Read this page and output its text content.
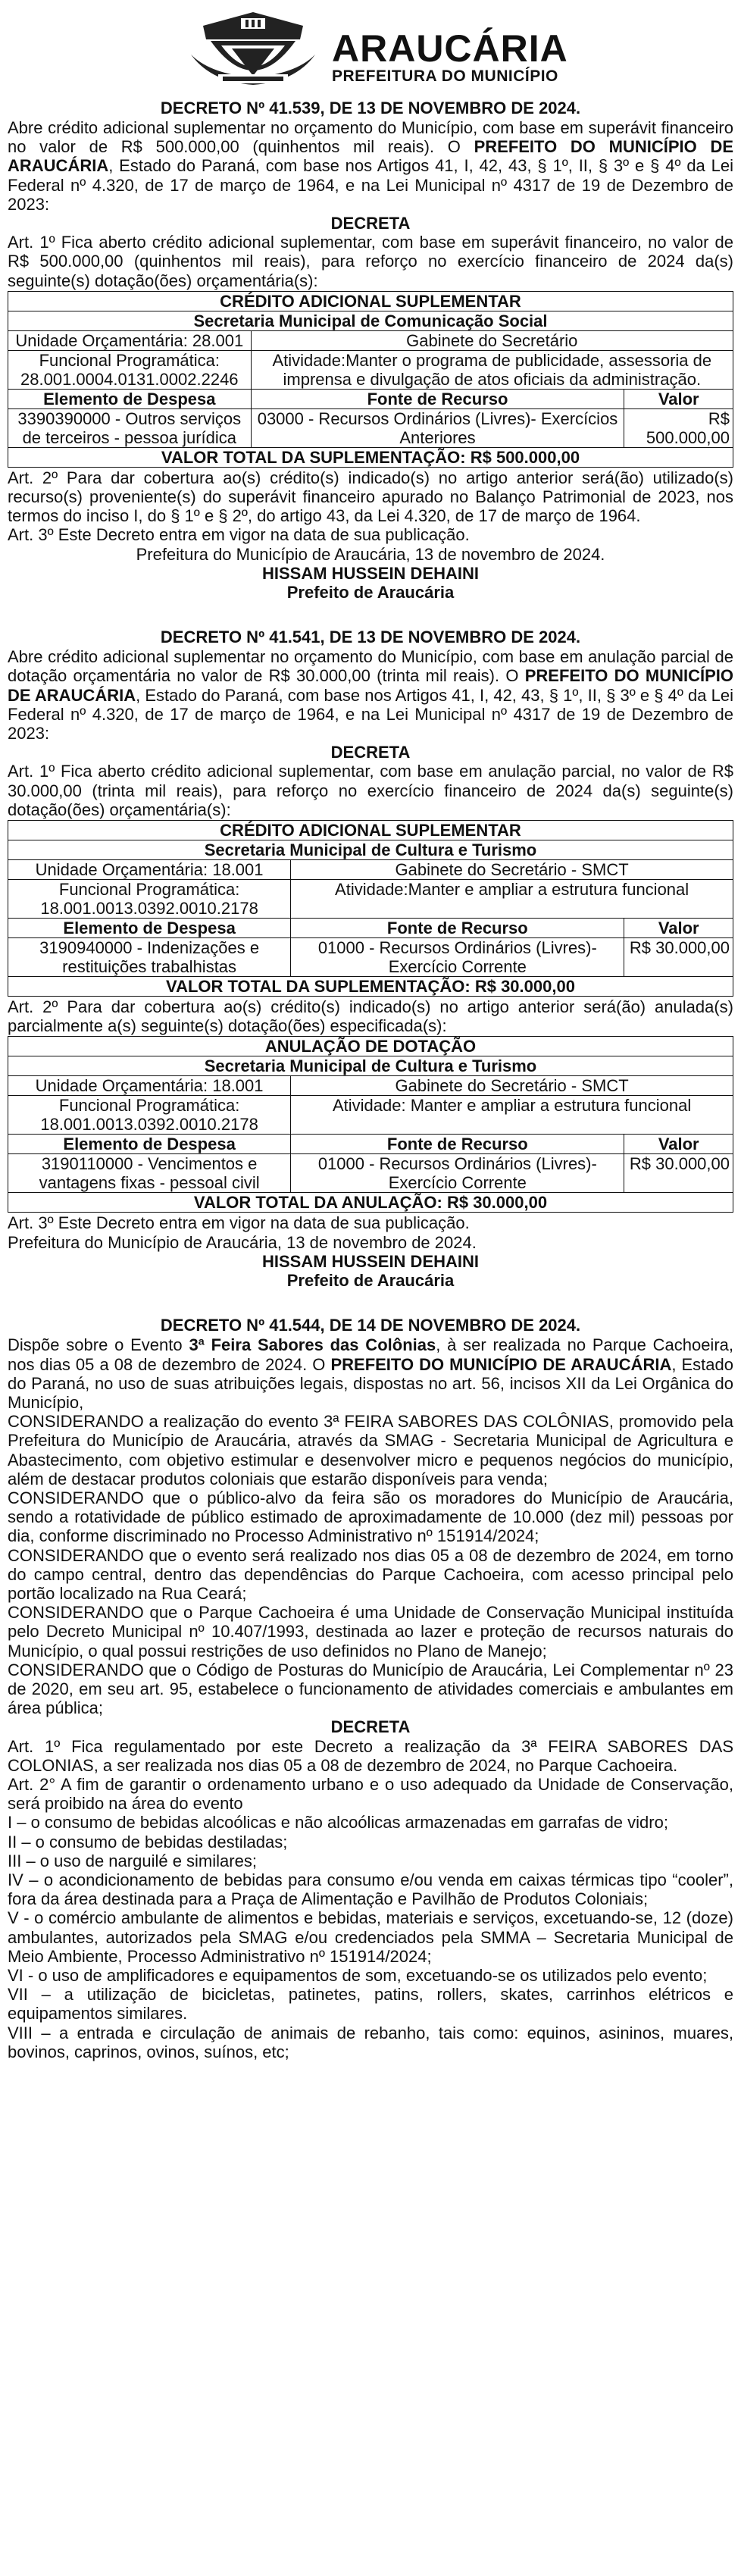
ARAUCÁRIA
PREFEITURA DO MUNICÍPIO
DECRETO Nº 41.539, DE 13 DE NOVEMBRO DE 2024.

Abre crédito adicional suplementar no orçamento do Município, com base em superávit financeiro no valor de R$ 500.000,00 (quinhentos mil reais). O PREFEITO DO MUNICÍPIO DE ARAUCÁRIA, Estado do Paraná, com base nos Artigos 41, I, 42, 43, § 1º, II, § 3º e § 4º da Lei Federal nº 4.320, de 17 de março de 1964, e na Lei Municipal nº 4317 de 19 de Dezembro de 2023:

DECRETA

Art. 1º Fica aberto crédito adicional suplementar, com base em superávit financeiro, no valor de R$ 500.000,00 (quinhentos mil reais), para reforço no exercício financeiro de 2024 da(s) seguinte(s) dotação(ões) orçamentária(s):

CRÉDITO ADICIONAL SUPLEMENTAR		
Secretaria Municipal de Comunicação Social		
Unidade Orçamentária: 28.001	Gabinete do Secretário	
Funcional Programática: 28.001.0004.0131.0002.2246	Atividade:Manter o programa de publicidade, assessoria de imprensa e divulgação de atos oficiais da administração.	
Elemento de Despesa	Fonte de Recurso	Valor
3390390000 - Outros serviços de terceiros - pessoa jurídica	03000 - Recursos Ordinários (Livres)- Exercícios Anteriores	R$ 500.000,00
VALOR TOTAL DA SUPLEMENTAÇÃO: R$ 500.000,00		

Art. 2º Para dar cobertura ao(s) crédito(s) indicado(s) no artigo anterior será(ão) utilizado(s) recurso(s) proveniente(s) do superávit financeiro apurado no Balanço Patrimonial de 2023, nos termos do inciso I, do § 1º e § 2º, do artigo 43, da Lei 4.320, de 17 de março de 1964.

Art. 3º Este Decreto entra em vigor na data de sua publicação.

Prefeitura do Município de Araucária, 13 de novembro de 2024.
HISSAM HUSSEIN DEHAINI
Prefeito de Araucária
DECRETO Nº 41.541, DE 13 DE NOVEMBRO DE 2024.

Abre crédito adicional suplementar no orçamento do Município, com base em anulação parcial de dotação orçamentária no valor de R$ 30.000,00 (trinta mil reais). O PREFEITO DO MUNICÍPIO DE ARAUCÁRIA, Estado do Paraná, com base nos Artigos 41, I, 42, 43, § 1º, II, § 3º e § 4º da Lei Federal nº 4.320, de 17 de março de 1964, e na Lei Municipal nº 4317 de 19 de Dezembro de 2023:

DECRETA

Art. 1º Fica aberto crédito adicional suplementar, com base em anulação parcial, no valor de R$ 30.000,00 (trinta mil reais), para reforço no exercício financeiro de 2024 da(s) seguinte(s) dotação(ões) orçamentária(s):

CRÉDITO ADICIONAL SUPLEMENTAR		
Secretaria Municipal de Cultura e Turismo		
Unidade Orçamentária: 18.001	Gabinete do Secretário - SMCT	
Funcional Programática: 18.001.0013.0392.0010.2178	Atividade:Manter e ampliar a estrutura funcional	
Elemento de Despesa	Fonte de Recurso	Valor
3190940000 - Indenizações e restituições trabalhistas	01000 - Recursos Ordinários (Livres)- Exercício Corrente	R$ 30.000,00
VALOR TOTAL DA SUPLEMENTAÇÃO: R$ 30.000,00		

Art. 2º Para dar cobertura ao(s) crédito(s) indicado(s) no artigo anterior será(ão) anulada(s) parcialmente a(s) seguinte(s) dotação(ões) especificada(s):

ANULAÇÃO DE DOTAÇÃO		
Secretaria Municipal de Cultura e Turismo		
Unidade Orçamentária: 18.001	Gabinete do Secretário - SMCT	
Funcional Programática: 18.001.0013.0392.0010.2178	Atividade: Manter e ampliar a estrutura funcional	
Elemento de Despesa	Fonte de Recurso	Valor
3190110000 - Vencimentos e vantagens fixas - pessoal civil	01000 - Recursos Ordinários (Livres)- Exercício Corrente	R$ 30.000,00
VALOR TOTAL DA ANULAÇÃO: R$ 30.000,00		

Art. 3º Este Decreto entra em vigor na data de sua publicação.

Prefeitura do Município de Araucária, 13 de novembro de 2024.
HISSAM HUSSEIN DEHAINI
Prefeito de Araucária
DECRETO Nº 41.544, DE 14 DE NOVEMBRO DE 2024.

Dispõe sobre o Evento 3ª Feira Sabores das Colônias, à ser realizada no Parque Cachoeira, nos dias 05 a 08 de dezembro de 2024. O PREFEITO DO MUNICÍPIO DE ARAUCÁRIA, Estado do Paraná, no uso de suas atribuições legais, dispostas no art. 56, incisos XII da Lei Orgânica do Município,

CONSIDERANDO a realização do evento 3ª FEIRA SABORES DAS COLÔNIAS, promovido pela Prefeitura do Município de Araucária, através da SMAG - Secretaria Municipal de Agricultura e Abastecimento, com objetivo estimular e desenvolver micro e pequenos negócios do município, além de destacar produtos coloniais que estarão disponíveis para venda;

CONSIDERANDO que o público-alvo da feira são os moradores do Município de Araucária, sendo a rotatividade de público estimado de aproximadamente de 10.000 (dez mil) pessoas por dia, conforme discriminado no Processo Administrativo nº 151914/2024;

CONSIDERANDO que o evento será realizado nos dias 05 a 08 de dezembro de 2024, em torno do campo central, dentro das dependências do Parque Cachoeira, com acesso principal pelo portão localizado na Rua Ceará;

CONSIDERANDO que o Parque Cachoeira é uma Unidade de Conservação Municipal instituída pelo Decreto Municipal nº 10.407/1993, destinada ao lazer e proteção de recursos naturais do Município, o qual possui restrições de uso definidos no Plano de Manejo;

CONSIDERANDO que o Código de Posturas do Município de Araucária, Lei Complementar nº 23 de 2020, em seu art. 95, estabelece o funcionamento de atividades comerciais e ambulantes em área pública;

DECRETA

Art. 1º Fica regulamentado por este Decreto a realização da 3ª FEIRA SABORES DAS COLONIAS, a ser realizada nos dias 05 a 08 de dezembro de 2024, no Parque Cachoeira.

Art. 2° A fim de garantir o ordenamento urbano e o uso adequado da Unidade de Conservação, será proibido na área do evento

I – o consumo de bebidas alcoólicas e não alcoólicas armazenadas em garrafas de vidro;

II – o consumo de bebidas destiladas;

III – o uso de narguilé e similares;

IV – o acondicionamento de bebidas para consumo e/ou venda em caixas térmicas tipo “cooler”, fora da área destinada para a Praça de Alimentação e Pavilhão de Produtos Coloniais;

V - o comércio ambulante de alimentos e bebidas, materiais e serviços, excetuando-se, 12 (doze) ambulantes, autorizados pela SMAG e/ou credenciados pela SMMA – Secretaria Municipal de Meio Ambiente, Processo Administrativo nº 151914/2024;

VI - o uso de amplificadores e equipamentos de som, excetuando-se os utilizados pelo evento;

VII – a utilização de bicicletas, patinetes, patins, rollers, skates, carrinhos elétricos e equipamentos similares.

VIII – a entrada e circulação de animais de rebanho, tais como: equinos, asininos, muares, bovinos, caprinos, ovinos, suínos, etc;
